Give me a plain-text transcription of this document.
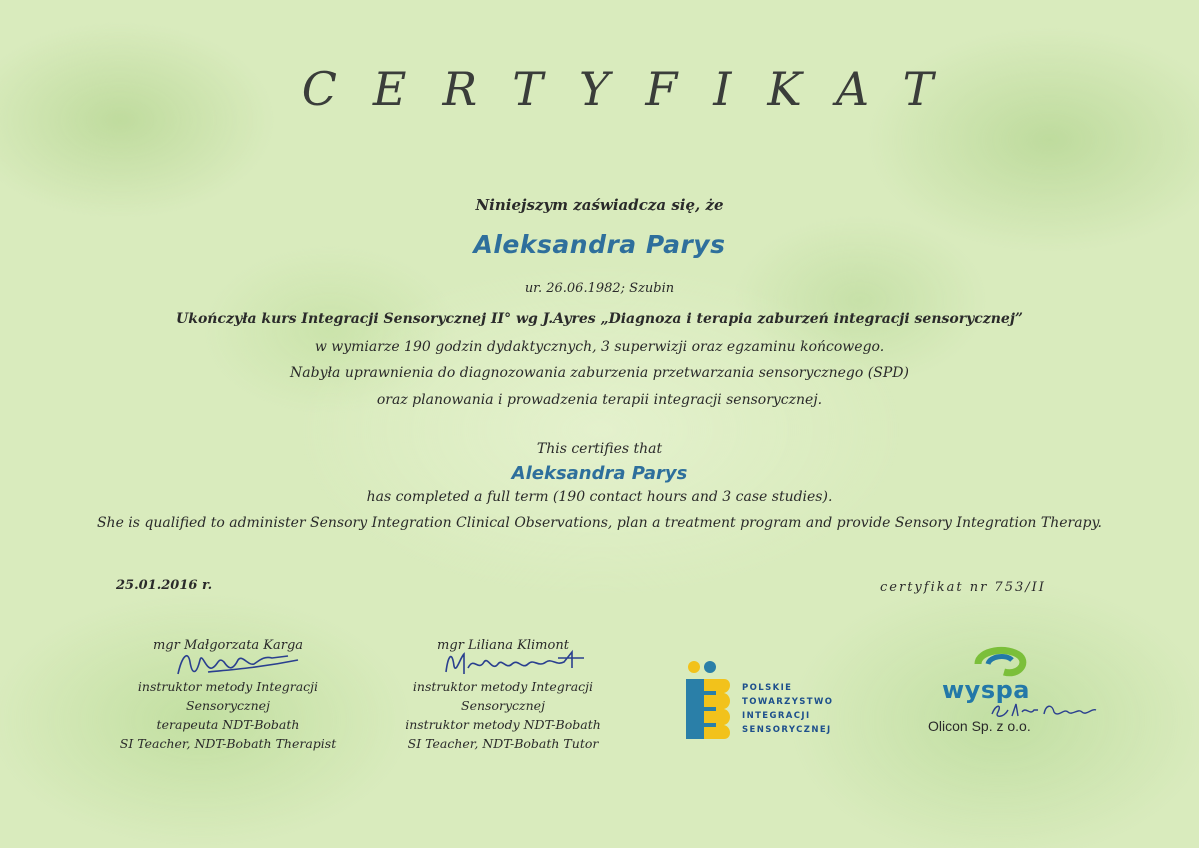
CERTYFIKAT
Niniejszym zaświadcza się, że
Aleksandra Parys
ur. 26.06.1982; Szubin
Ukończyła kurs Integracji Sensorycznej II° wg J.Ayres „Diagnoza i terapia zaburzeń integracji sensorycznej”
w wymiarze 190 godzin dydaktycznych, 3 superwizji oraz egzaminu końcowego.
Nabyła uprawnienia do diagnozowania zaburzenia przetwarzania sensorycznego (SPD)
oraz planowania i prowadzenia terapii integracji sensorycznej.
This certifies that
Aleksandra Parys
has completed a full term (190 contact hours and 3 case studies).
She is qualified to administer Sensory Integration Clinical Observations, plan a treatment program and provide Sensory Integration Therapy.
25.01.2016 r.	certyfikat nr 753/II
mgr Małgorzata Karga
instruktor metody Integracji
Sensorycznej
terapeuta NDT-Bobath
SI Teacher, NDT-Bobath Therapist
mgr Liliana Klimont
instruktor metody Integracji
Sensorycznej
instruktor metody NDT-Bobath
SI Teacher, NDT-Bobath Tutor
POLSKIE
TOWARZYSTWO
INTEGRACJI
SENSORYCZNEJ
wyspa
Olicon Sp. z o.o.
